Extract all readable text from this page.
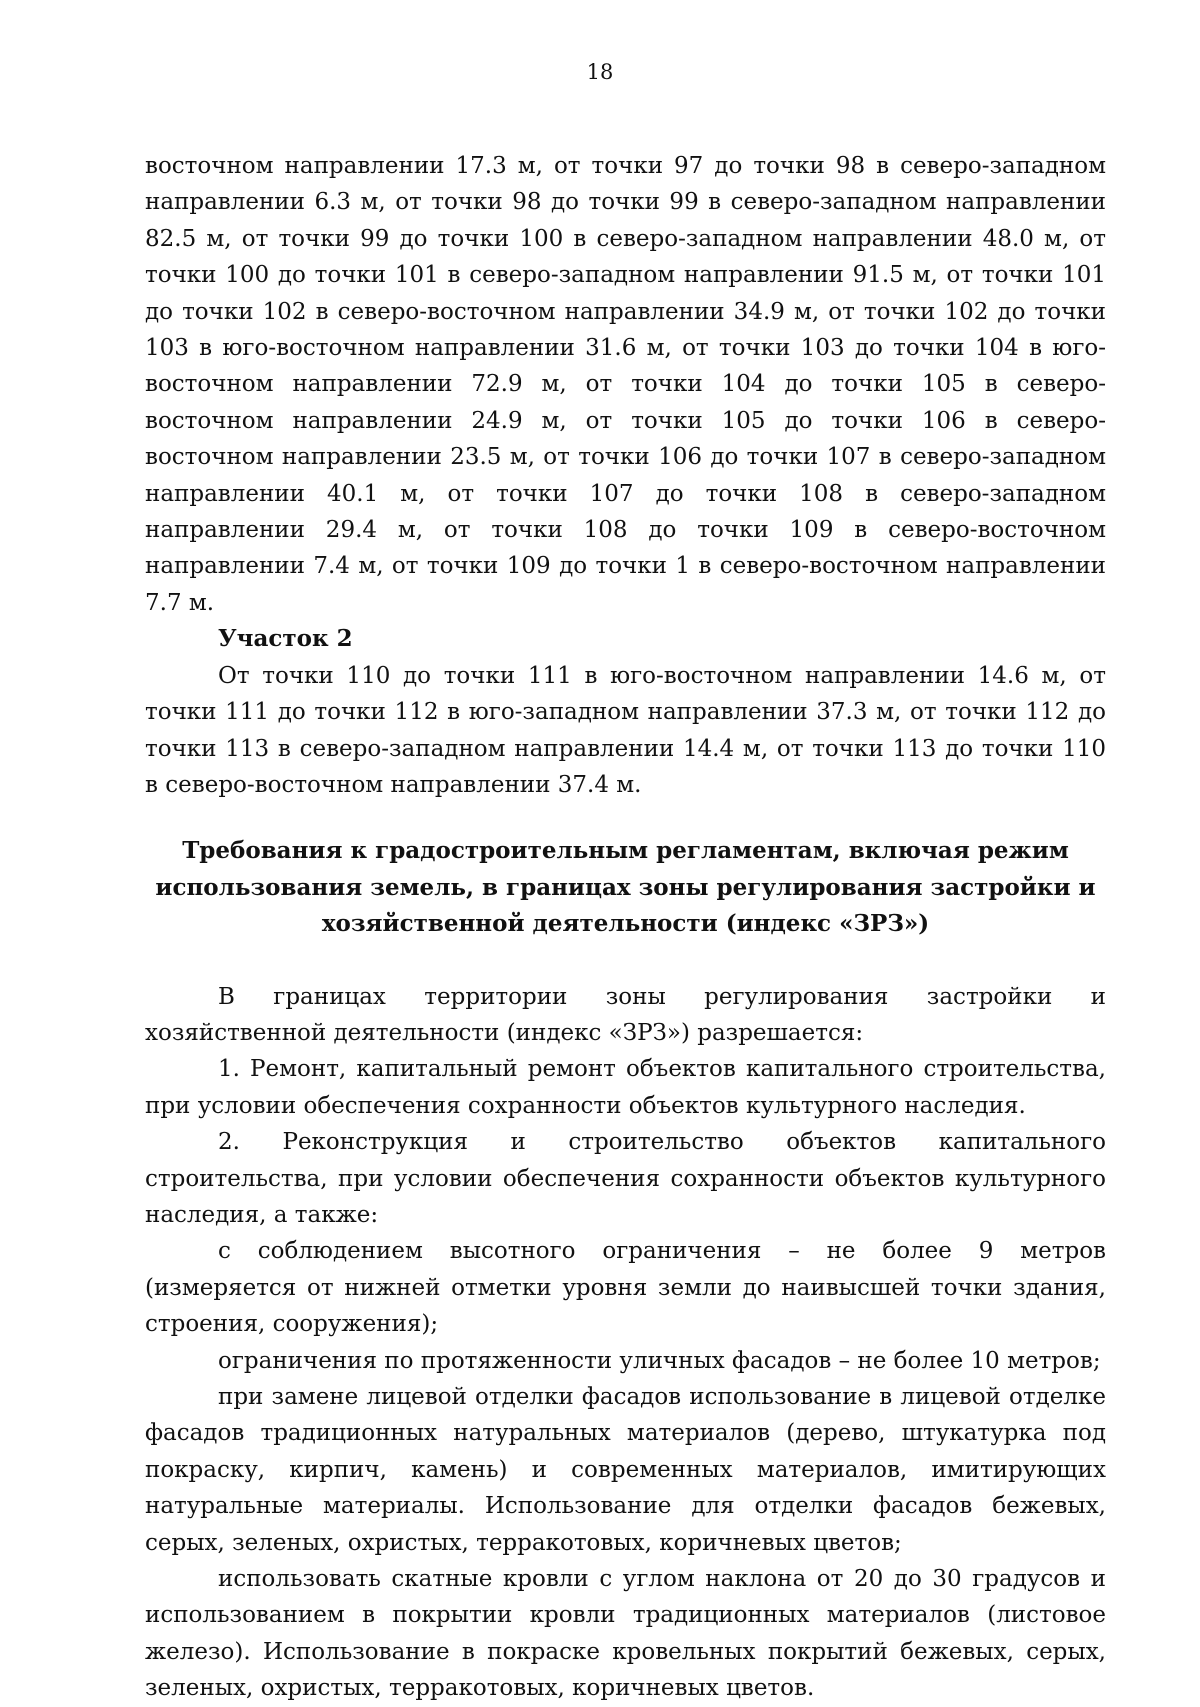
18

восточном направлении 17.3 м, от точки 97 до точки 98 в северо-западном направлении 6.3 м, от точки 98 до точки 99 в северо-западном направлении 82.5 м, от точки 99 до точки 100 в северо-западном направлении 48.0 м, от точки 100 до точки 101 в северо-западном направлении 91.5 м, от точки 101 до точки 102 в северо-восточном направлении 34.9 м, от точки 102 до точки 103 в юго-восточном направлении 31.6 м, от точки 103 до точки 104 в юго-восточном направлении 72.9 м, от точки 104 до точки 105 в северо-восточном направлении 24.9 м, от точки 105 до точки 106 в северо-восточном направлении 23.5 м, от точки 106 до точки 107 в северо-западном направлении 40.1 м, от точки 107 до точки 108 в северо-западном направлении 29.4 м, от точки 108 до точки 109 в северо-восточном направлении 7.4 м, от точки 109 до точки 1 в северо-восточном направлении 7.7 м.

Участок 2

От точки 110 до точки 111 в юго-восточном направлении 14.6 м, от точки 111 до точки 112 в юго-западном направлении 37.3 м, от точки 112 до точки 113 в северо-западном направлении 14.4 м, от точки 113 до точки 110 в северо-восточном направлении 37.4 м.

Требования к градостроительным регламентам, включая режим использования земель, в границах зоны регулирования застройки и хозяйственной деятельности (индекс «ЗРЗ»)

В границах территории зоны регулирования застройки и хозяйственной деятельности (индекс «ЗРЗ») разрешается:

1. Ремонт, капитальный ремонт объектов капитального строительства, при условии обеспечения сохранности объектов культурного наследия.

2. Реконструкция и строительство объектов капитального строительства, при условии обеспечения сохранности объектов культурного наследия, а также:

с соблюдением высотного ограничения – не более 9 метров (измеряется от нижней отметки уровня земли до наивысшей точки здания, строения, сооружения);

ограничения по протяженности уличных фасадов – не более 10 метров;

при замене лицевой отделки фасадов использование в лицевой отделке фасадов традиционных натуральных материалов (дерево, штукатурка под покраску, кирпич, камень) и современных материалов, имитирующих натуральные материалы. Использование для отделки фасадов бежевых, серых, зеленых, охристых, терракотовых, коричневых цветов;

использовать скатные кровли с углом наклона от 20 до 30 градусов и использованием в покрытии кровли традиционных материалов (листовое железо). Использование в покраске кровельных покрытий бежевых, серых, зеленых, охристых, терракотовых, коричневых цветов.
